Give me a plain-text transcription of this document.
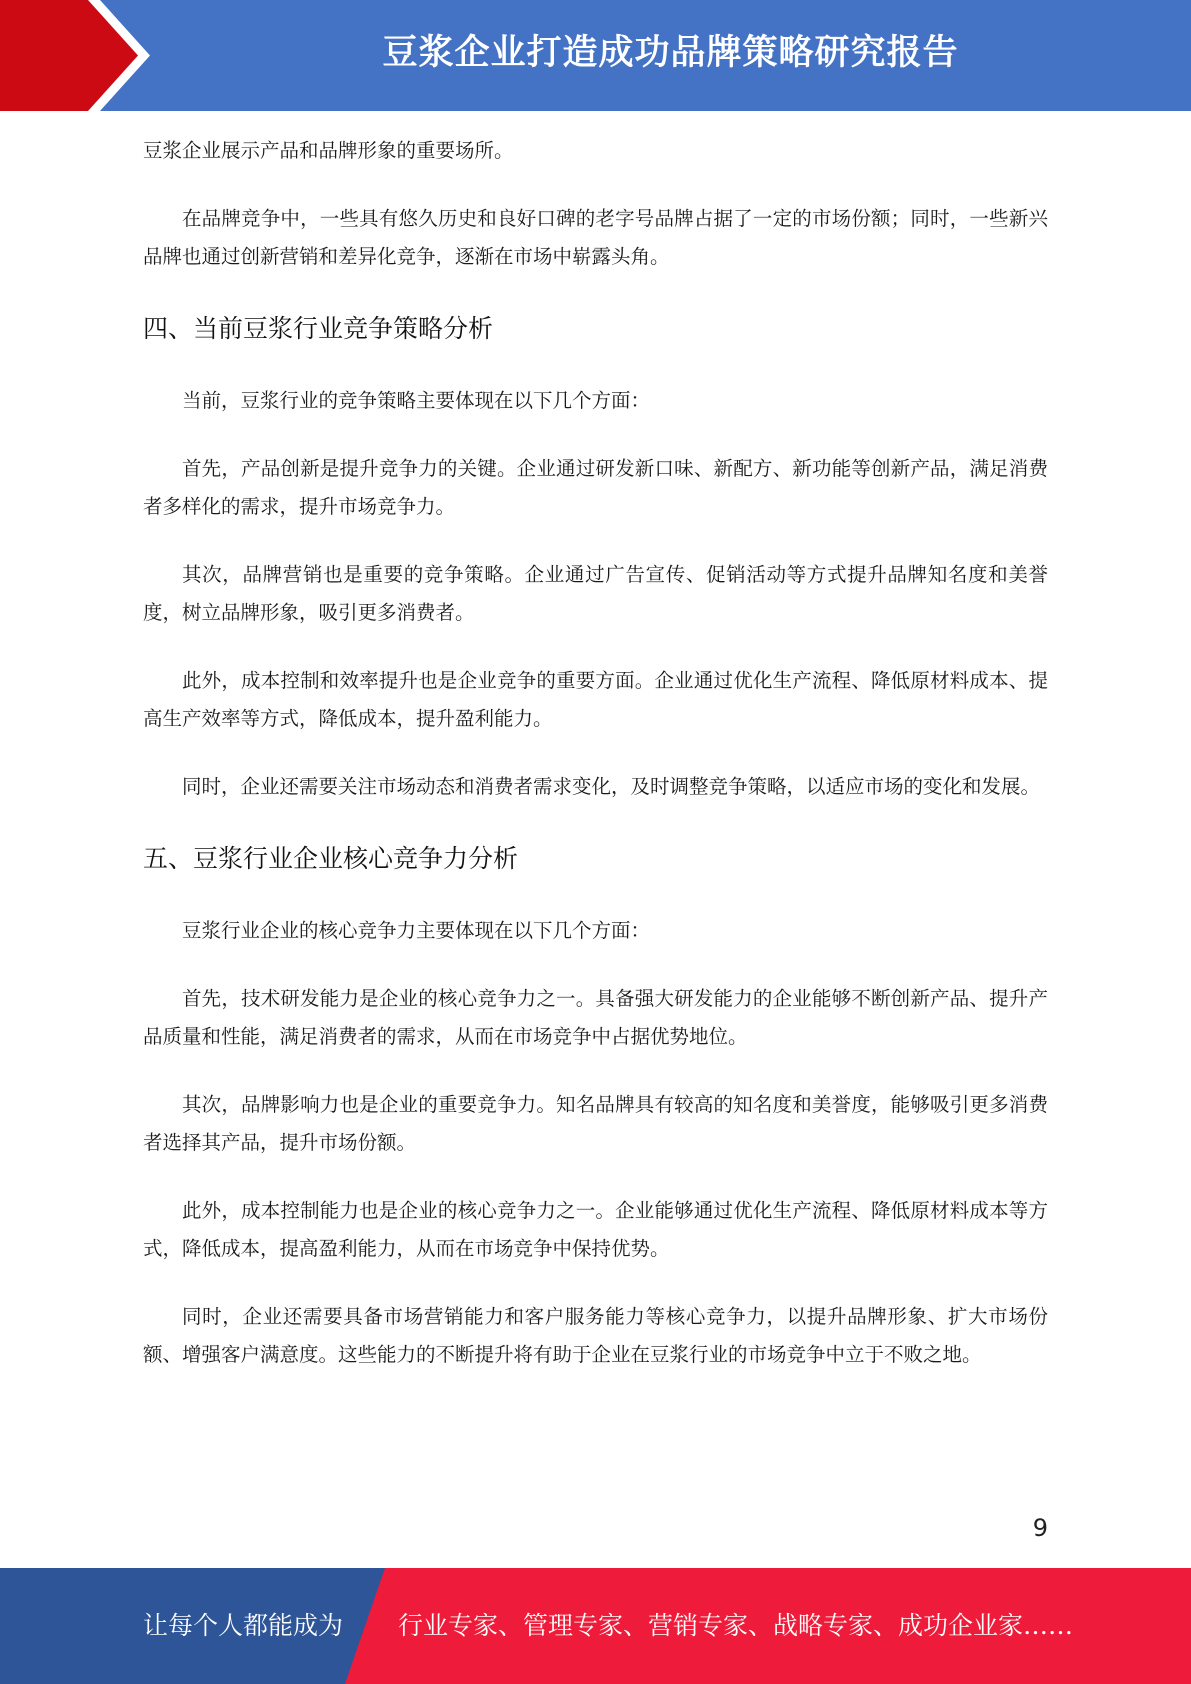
豆浆企业打造成功品牌策略研究报告

豆浆企业展示产品和品牌形象的重要场所。

在品牌竞争中，一些具有悠久历史和良好口碑的老字号品牌占据了一定的市场份额；同时，一些新兴品牌也通过创新营销和差异化竞争，逐渐在市场中崭露头角。

四、当前豆浆行业竞争策略分析

当前，豆浆行业的竞争策略主要体现在以下几个方面：

首先，产品创新是提升竞争力的关键。企业通过研发新口味、新配方、新功能等创新产品，满足消费者多样化的需求，提升市场竞争力。

其次，品牌营销也是重要的竞争策略。企业通过广告宣传、促销活动等方式提升品牌知名度和美誉度，树立品牌形象，吸引更多消费者。

此外，成本控制和效率提升也是企业竞争的重要方面。企业通过优化生产流程、降低原材料成本、提高生产效率等方式，降低成本，提升盈利能力。

同时，企业还需要关注市场动态和消费者需求变化，及时调整竞争策略，以适应市场的变化和发展。

五、豆浆行业企业核心竞争力分析

豆浆行业企业的核心竞争力主要体现在以下几个方面：

首先，技术研发能力是企业的核心竞争力之一。具备强大研发能力的企业能够不断创新产品、提升产品质量和性能，满足消费者的需求，从而在市场竞争中占据优势地位。

其次，品牌影响力也是企业的重要竞争力。知名品牌具有较高的知名度和美誉度，能够吸引更多消费者选择其产品，提升市场份额。

此外，成本控制能力也是企业的核心竞争力之一。企业能够通过优化生产流程、降低原材料成本等方式，降低成本，提高盈利能力，从而在市场竞争中保持优势。

同时，企业还需要具备市场营销能力和客户服务能力等核心竞争力，以提升品牌形象、扩大市场份额、增强客户满意度。这些能力的不断提升将有助于企业在豆浆行业的市场竞争中立于不败之地。

9
让每个人都能成为 行业专家、管理专家、营销专家、战略专家、成功企业家……
